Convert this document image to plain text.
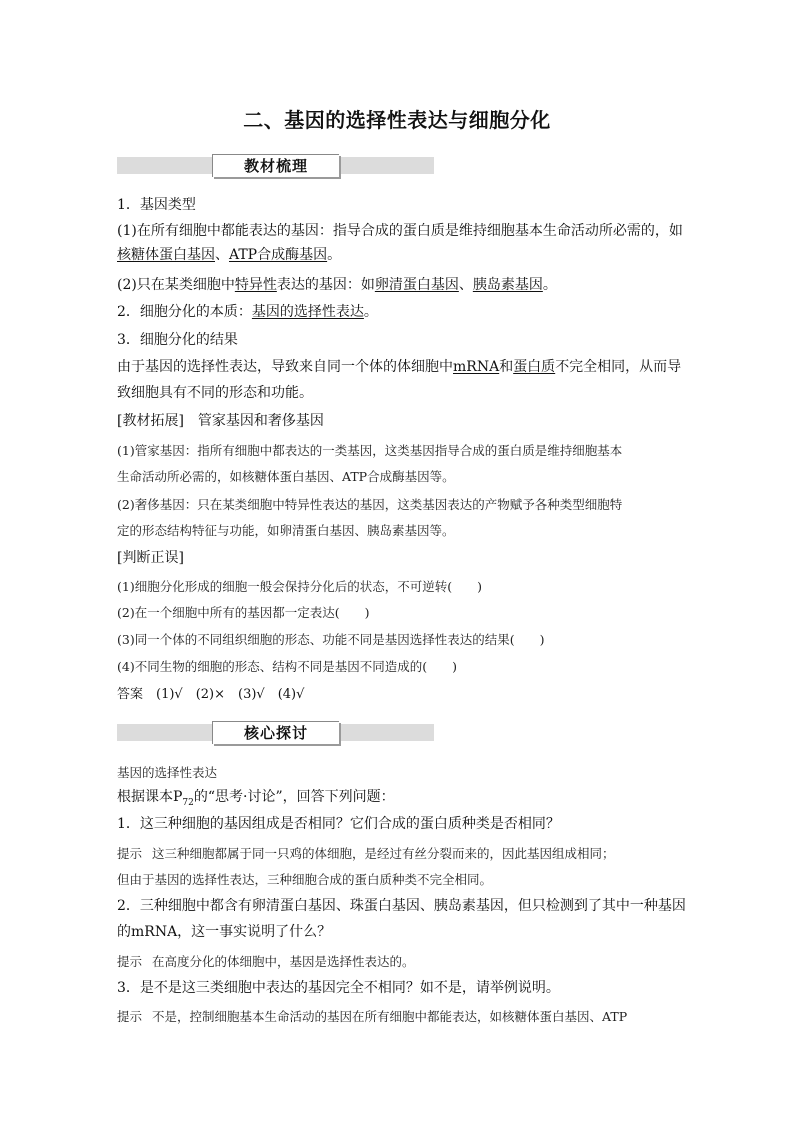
二、基因的选择性表达与细胞分化
教材梳理
1．基因类型
(1)在所有细胞中都能表达的基因：指导合成的蛋白质是维持细胞基本生命活动所必需的，如
核糖体蛋白基因、ATP合成酶基因。
(2)只在某类细胞中特异性表达的基因：如卵清蛋白基因、胰岛素基因。
2．细胞分化的本质：基因的选择性表达。
3．细胞分化的结果
由于基因的选择性表达，导致来自同一个体的体细胞中mRNA和蛋白质不完全相同，从而导
致细胞具有不同的形态和功能。
[教材拓展]　管家基因和奢侈基因
(1)管家基因：指所有细胞中都表达的一类基因，这类基因指导合成的蛋白质是维持细胞基本
生命活动所必需的，如核糖体蛋白基因、ATP合成酶基因等。
(2)奢侈基因：只在某类细胞中特异性表达的基因，这类基因表达的产物赋予各种类型细胞特
定的形态结构特征与功能，如卵清蛋白基因、胰岛素基因等。
[判断正误]
(1)细胞分化形成的细胞一般会保持分化后的状态，不可逆转(　　)
(2)在一个细胞中所有的基因都一定表达(　　)
(3)同一个体的不同组织细胞的形态、功能不同是基因选择性表达的结果(　　)
(4)不同生物的细胞的形态、结构不同是基因不同造成的(　　)
答案　(1)√　(2)×　(3)√　(4)√
核心探讨
基因的选择性表达
根据课本$P_{72}$的“思考·讨论”，回答下列问题：
1．这三种细胞的基因组成是否相同？它们合成的蛋白质种类是否相同？
提示 这三种细胞都属于同一只鸡的体细胞，是经过有丝分裂而来的，因此基因组成相同；
但由于基因的选择性表达，三种细胞合成的蛋白质种类不完全相同。
2．三种细胞中都含有卵清蛋白基因、珠蛋白基因、胰岛素基因，但只检测到了其中一种基因
的mRNA，这一事实说明了什么？
提示 在高度分化的体细胞中，基因是选择性表达的。
3．是不是这三类细胞中表达的基因完全不相同？如不是，请举例说明。
提示 不是，控制细胞基本生命活动的基因在所有细胞中都能表达，如核糖体蛋白基因、ATP
